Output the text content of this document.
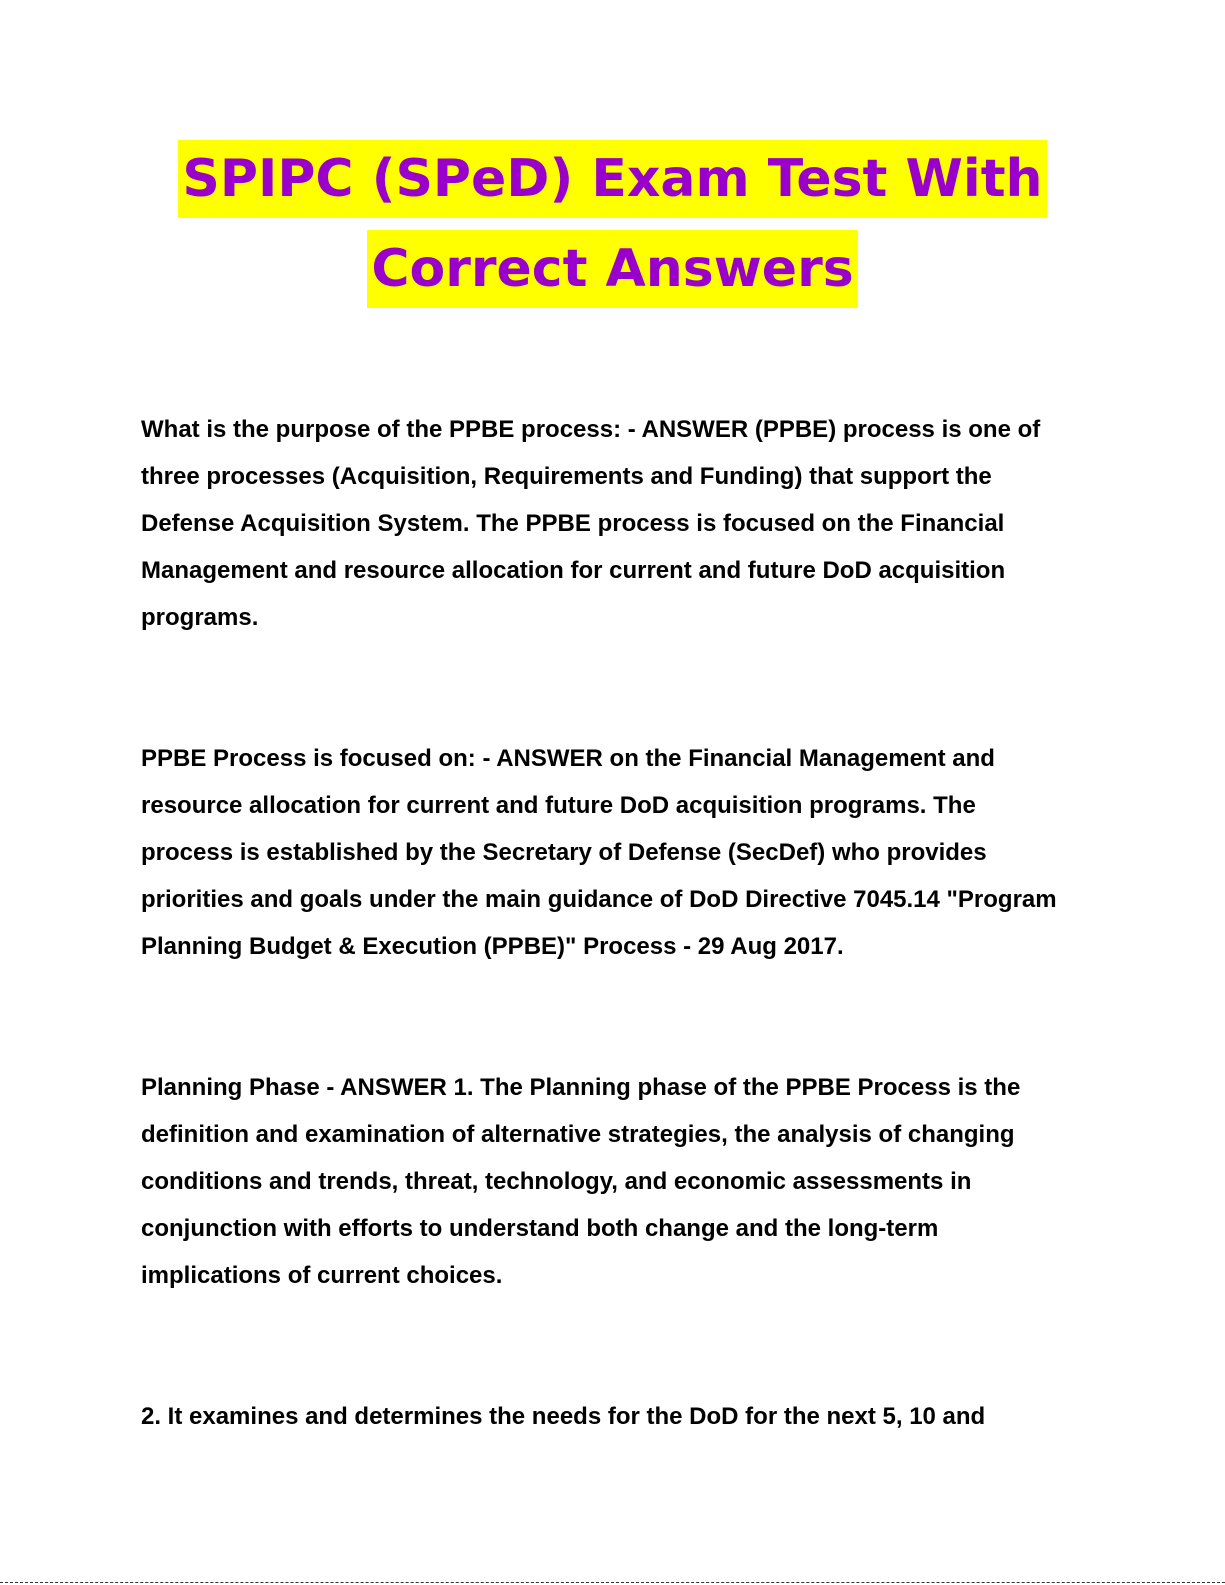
SPIPC (SPeD) Exam Test With
Correct Answers

What is the purpose of the PPBE process: - ANSWER (PPBE) process is one of three processes (Acquisition, Requirements and Funding) that support the Defense Acquisition System. The PPBE process is focused on the Financial Management and resource allocation for current and future DoD acquisition programs.

PPBE Process is focused on: - ANSWER on the Financial Management and resource allocation for current and future DoD acquisition programs. The process is established by the Secretary of Defense (SecDef) who provides priorities and goals under the main guidance of DoD Directive 7045.14 "Program Planning Budget & Execution (PPBE)" Process - 29 Aug 2017.

Planning Phase - ANSWER 1. The Planning phase of the PPBE Process is the definition and examination of alternative strategies, the analysis of changing conditions and trends, threat, technology, and economic assessments in conjunction with efforts to understand both change and the long-term implications of current choices.

2. It examines and determines the needs for the DoD for the next 5, 10 and
